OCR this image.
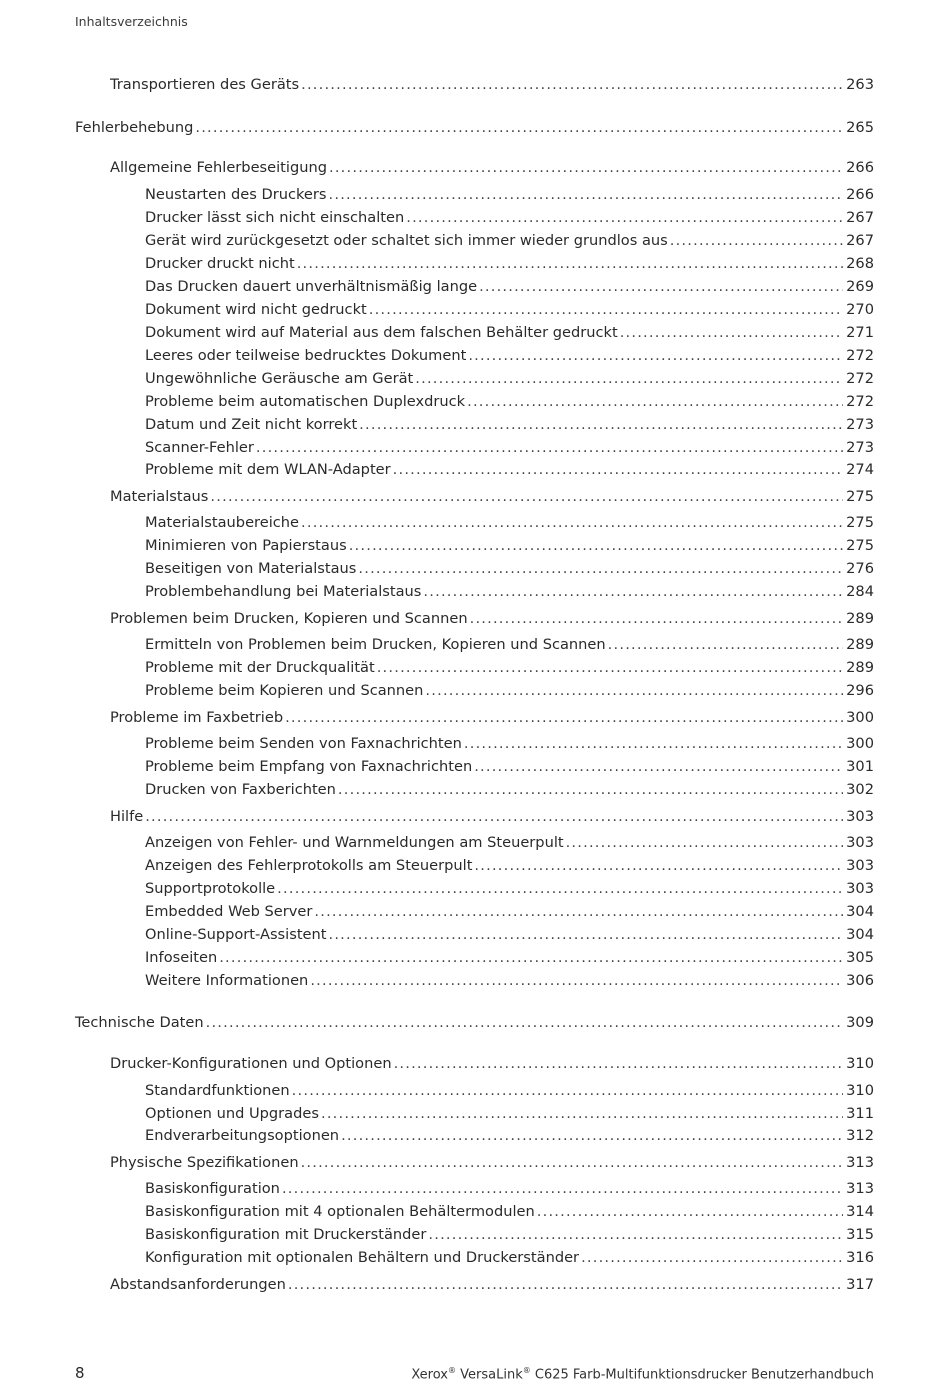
Inhaltsverzeichnis
Transportieren des Geräts .....	263
Fehlerbehebung .....	265
Allgemeine Fehlerbeseitigung .....	266
Neustarten des Druckers .....	266
Drucker lässt sich nicht einschalten .....	267
Gerät wird zurückgesetzt oder schaltet sich immer wieder grundlos aus .....	267
Drucker druckt nicht .....	268
Das Drucken dauert unverhältnismäßig lange .....	269
Dokument wird nicht gedruckt .....	270
Dokument wird auf Material aus dem falschen Behälter gedruckt .....	271
Leeres oder teilweise bedrucktes Dokument .....	272
Ungewöhnliche Geräusche am Gerät .....	272
Probleme beim automatischen Duplexdruck .....	272
Datum und Zeit nicht korrekt .....	273
Scanner-Fehler .....	273
Probleme mit dem WLAN-Adapter .....	274
Materialstaus .....	275
Materialstaubereiche .....	275
Minimieren von Papierstaus .....	275
Beseitigen von Materialstaus .....	276
Problembehandlung bei Materialstaus .....	284
Problemen beim Drucken, Kopieren und Scannen .....	289
Ermitteln von Problemen beim Drucken, Kopieren und Scannen .....	289
Probleme mit der Druckqualität .....	289
Probleme beim Kopieren und Scannen .....	296
Probleme im Faxbetrieb .....	300
Probleme beim Senden von Faxnachrichten .....	300
Probleme beim Empfang von Faxnachrichten .....	301
Drucken von Faxberichten .....	302
Hilfe .....	303
Anzeigen von Fehler- und Warnmeldungen am Steuerpult .....	303
Anzeigen des Fehlerprotokolls am Steuerpult .....	303
Supportprotokolle .....	303
Embedded Web Server .....	304
Online-Support-Assistent .....	304
Infoseiten .....	305
Weitere Informationen .....	306
Technische Daten .....	309
Drucker-Konfigurationen und Optionen .....	310
Standardfunktionen .....	310
Optionen und Upgrades .....	311
Endverarbeitungsoptionen .....	312
Physische Spezifikationen .....	313
Basiskonfiguration .....	313
Basiskonfiguration mit 4 optionalen Behältermodulen .....	314
Basiskonfiguration mit Druckerständer .....	315
Konfiguration mit optionalen Behältern und Druckerständer .....	316
Abstandsanforderungen .....	317
8	Xerox® VersaLink® C625 Farb-Multifunktionsdrucker Benutzerhandbuch
